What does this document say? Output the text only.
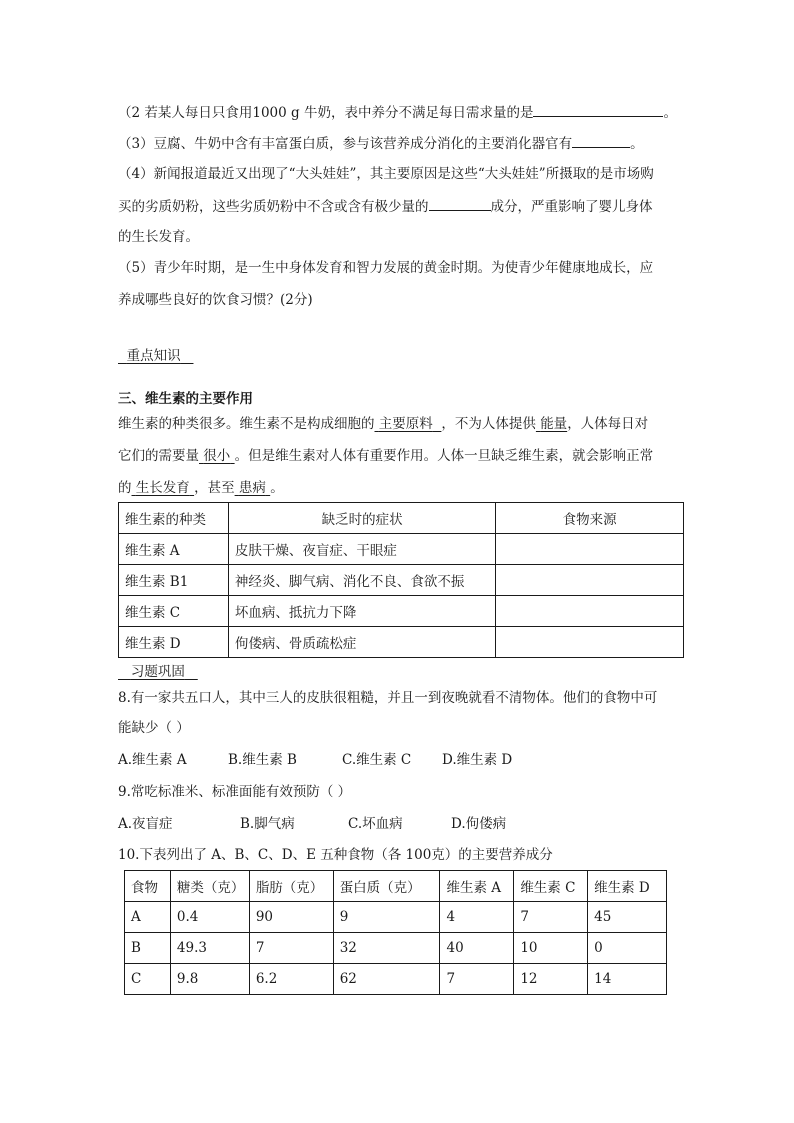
（2 若某人每日只食用1000 g 牛奶，表中养分不满足每日需求量的是	。
（3）豆腐、牛奶中含有丰富蛋白质，参与该营养成分消化的主要消化器官有	。
（4）新闻报道最近又出现了“大头娃娃”，其主要原因是这些“大头娃娃”所摄取的是市场购
买的劣质奶粉，这些劣质奶粉中不含或含有极少量的	成分，严重影响了婴儿身体
的生长发育。
（5）青少年时期，是一生中身体发育和智力发展的黄金时期。为使青少年健康地成长，应
养成哪些良好的饮食习惯？(2分)
重点知识
三、维生素的主要作用
维生素的种类很多。维生素不是构成细胞的 主要原料 ，不为人体提供 能量，人体每日对
它们的需要量 很小 。但是维生素对人体有重要作用。人体一旦缺乏维生素，就会影响正常
的 生长发育 ，甚至 患病 。
维生素的种类	缺乏时的症状	食物来源
维生素 A	皮肤干燥、夜盲症、干眼症	
维生素 B1	神经炎、脚气病、消化不良、食欲不振	
维生素 C	坏血病、抵抗力下降	
维生素 D	佝偻病、骨质疏松症	
习题巩固
8.有一家共五口人，其中三人的皮肤很粗糙，并且一到夜晚就看不清物体。他们的食物中可
能缺少（ ）
A.维生素 A	B.维生素 B	C.维生素 C D.维生素 D
9.常吃标准米、标准面能有效预防（ ）
A.夜盲症	B.脚气病	C.坏血病	D.佝偻病
10.下表列出了 A、B、C、D、E 五种食物（各 100克）的主要营养成分
食物	糖类（克）	脂肪（克）	蛋白质（克）	维生素 A	维生素 C	维生素 D
A	0.4	90	9	4	7	45
B	49.3	7	32	40	10	0
C	9.8	6.2	62	7	12	14
